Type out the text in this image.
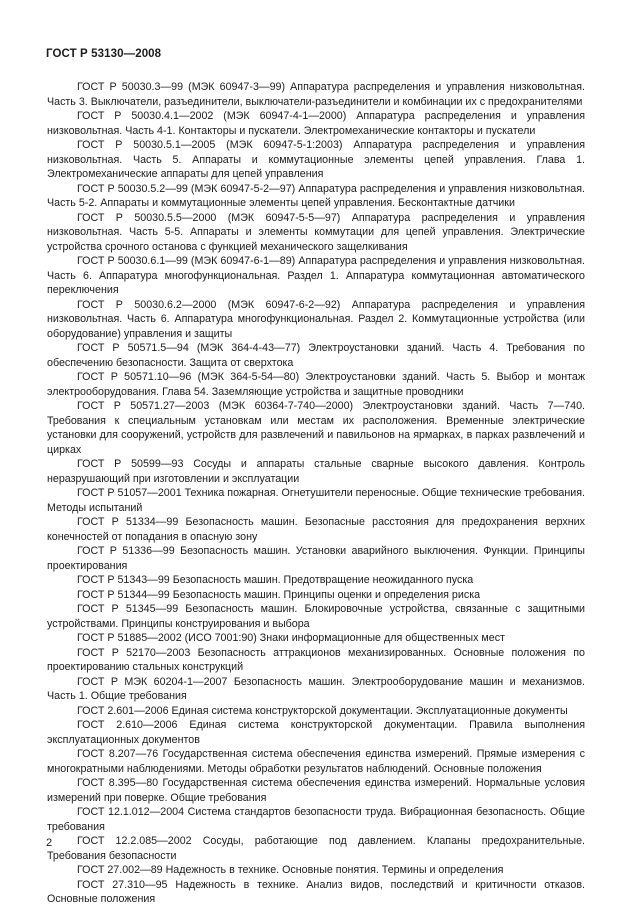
ГОСТ Р 53130—2008

ГОСТ Р 50030.3—99 (МЭК 60947-3—99) Аппаратура распределения и управления низковольтная. Часть 3. Выключатели, разъединители, выключатели-разъединители и комбинации их с предохранителями

ГОСТ Р 50030.4.1—2002 (МЭК 60947-4-1—2000) Аппаратура распределения и управления низковольтная. Часть 4-1. Контакторы и пускатели. Электромеханические контакторы и пускатели

ГОСТ Р 50030.5.1—2005 (МЭК 60947-5-1:2003) Аппаратура распределения и управления низковольтная. Часть 5. Аппараты и коммутационные элементы цепей управления. Глава 1. Электромеханические аппараты для цепей управления

ГОСТ Р 50030.5.2—99 (МЭК 60947-5-2—97) Аппаратура распределения и управления низковольтная. Часть 5-2. Аппараты и коммутационные элементы цепей управления. Бесконтактные датчики

ГОСТ Р 50030.5.5—2000 (МЭК 60947-5-5—97) Аппаратура распределения и управления низковольтная. Часть 5-5. Аппараты и элементы коммутации для цепей управления. Электрические устройства срочного останова с функцией механического защелкивания

ГОСТ Р 50030.6.1—99 (МЭК 60947-6-1—89) Аппаратура распределения и управления низковольтная. Часть 6. Аппаратура многофункциональная. Раздел 1. Аппаратура коммутационная автоматического переключения

ГОСТ Р 50030.6.2—2000 (МЭК 60947-6-2—92) Аппаратура распределения и управления низковольтная. Часть 6. Аппаратура многофункциональная. Раздел 2. Коммутационные устройства (или оборудование) управления и защиты

ГОСТ Р 50571.5—94 (МЭК 364-4-43—77) Электроустановки зданий. Часть 4. Требования по обеспечению безопасности. Защита от сверхтока

ГОСТ Р 50571.10—96 (МЭК 364-5-54—80) Электроустановки зданий. Часть 5. Выбор и монтаж электрооборудования. Глава 54. Заземляющие устройства и защитные проводники

ГОСТ Р 50571.27—2003 (МЭК 60364-7-740—2000) Электроустановки зданий. Часть 7—740. Требования к специальным установкам или местам их расположения. Временные электрические установки для сооружений, устройств для развлечений и павильонов на ярмарках, в парках развлечений и цирках

ГОСТ Р 50599—93 Сосуды и аппараты стальные сварные высокого давления. Контроль неразрушающий при изготовлении и эксплуатации

ГОСТ Р 51057—2001 Техника пожарная. Огнетушители переносные. Общие технические требования. Методы испытаний

ГОСТ Р 51334—99 Безопасность машин. Безопасные расстояния для предохранения верхних конечностей от попадания в опасную зону

ГОСТ Р 51336—99 Безопасность машин. Установки аварийного выключения. Функции. Принципы проектирования

ГОСТ Р 51343—99 Безопасность машин. Предотвращение неожиданного пуска

ГОСТ Р 51344—99 Безопасность машин. Принципы оценки и определения риска

ГОСТ Р 51345—99 Безопасность машин. Блокировочные устройства, связанные с защитными устройствами. Принципы конструирования и выбора

ГОСТ Р 51885—2002 (ИСО 7001:90) Знаки информационные для общественных мест

ГОСТ Р 52170—2003 Безопасность аттракционов механизированных. Основные положения по проектированию стальных конструкций

ГОСТ Р МЭК 60204-1—2007 Безопасность машин. Электрооборудование машин и механизмов. Часть 1. Общие требования

ГОСТ 2.601—2006 Единая система конструкторской документации. Эксплуатационные документы

ГОСТ 2.610—2006 Единая система конструкторской документации. Правила выполнения эксплуатационных документов

ГОСТ 8.207—76 Государственная система обеспечения единства измерений. Прямые измерения с многократными наблюдениями. Методы обработки результатов наблюдений. Основные положения

ГОСТ 8.395—80 Государственная система обеспечения единства измерений. Нормальные условия измерений при поверке. Общие требования

ГОСТ 12.1.012—2004 Система стандартов безопасности труда. Вибрационная безопасность. Общие требования

ГОСТ 12.2.085—2002 Сосуды, работающие под давлением. Клапаны предохранительные. Требования безопасности

ГОСТ 27.002—89 Надежность в технике. Основные понятия. Термины и определения

ГОСТ 27.310—95 Надежность в технике. Анализ видов, последствий и критичности отказов. Основные положения

2
